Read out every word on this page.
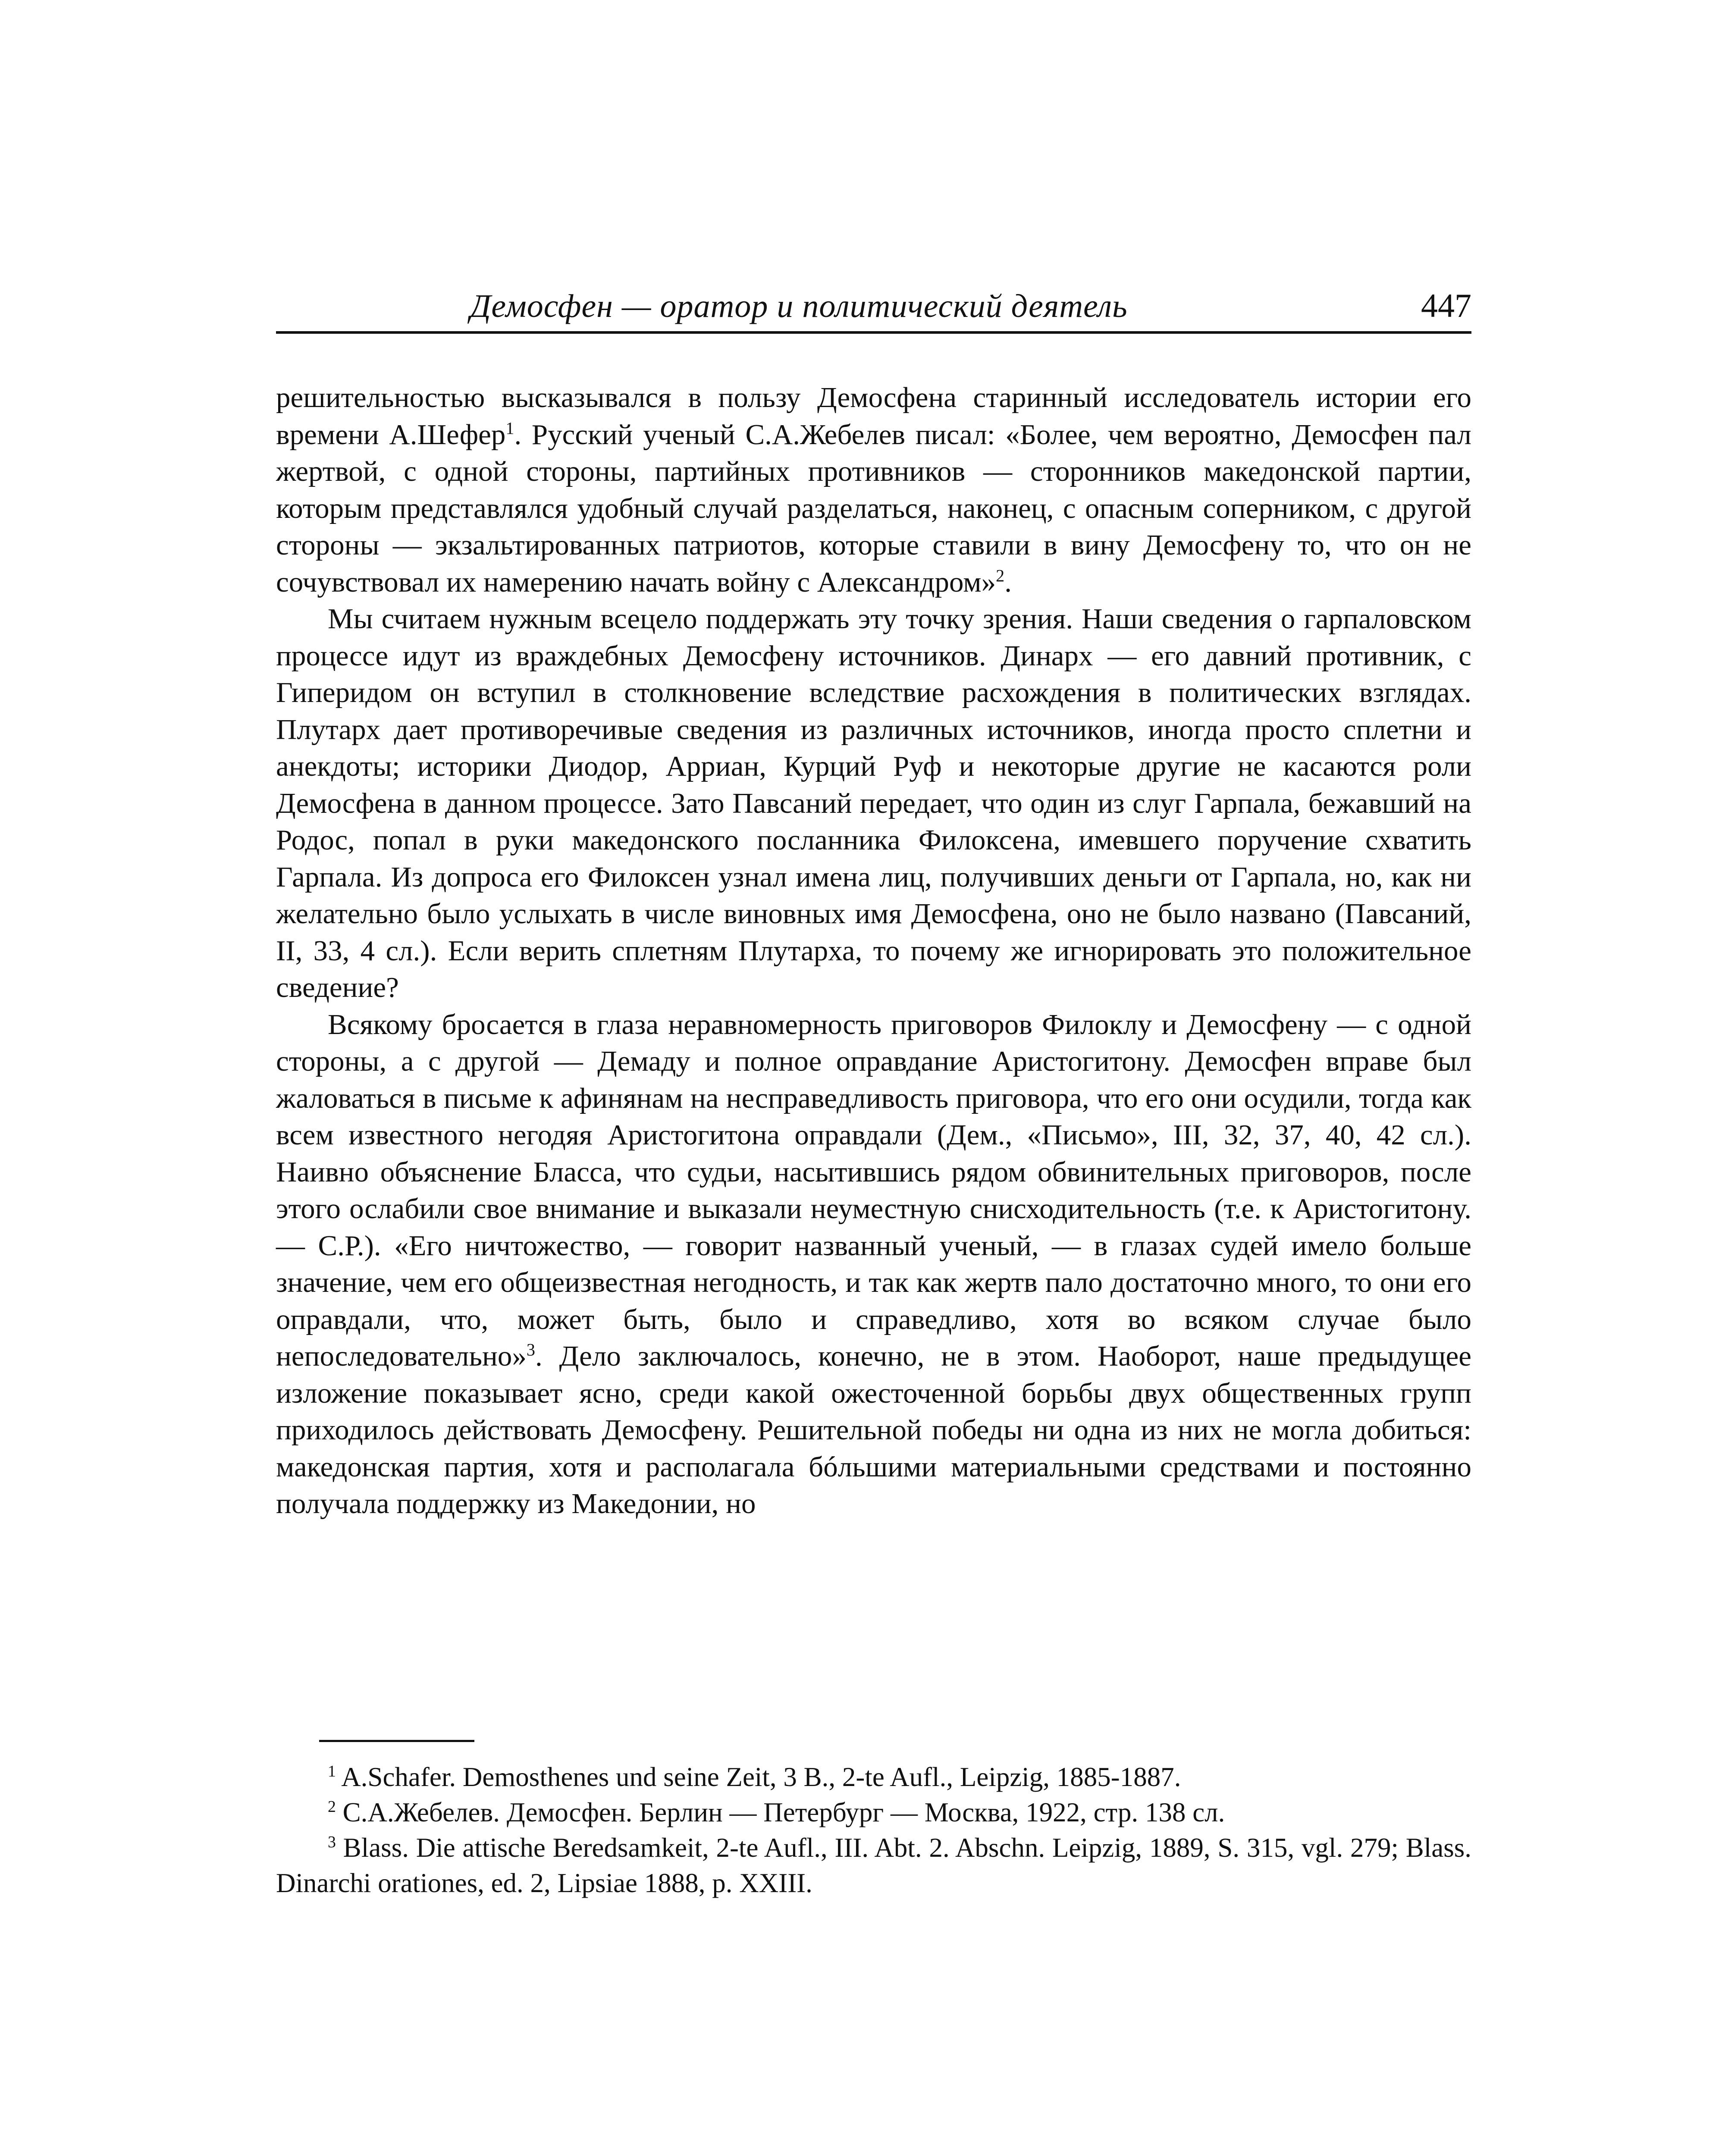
Демосфен — оратор и политический деятель	447

решительностью высказывался в пользу Демосфена старинный исследователь истории его времени А.Шефер$^1$. Русский ученый С.А.Жебелев писал: «Более, чем вероятно, Демосфен пал жертвой, с одной стороны, партийных противников — сторонников македонской партии, которым представлялся удобный случай разделаться, наконец, с опасным соперником, с другой стороны — экзальтированных патриотов, которые ставили в вину Демосфену то, что он не сочувствовал их намерению начать войну с Александром»$^2$.

Мы считаем нужным всецело поддержать эту точку зрения. Наши сведения о гарпаловском процессе идут из враждебных Демосфену источников. Динарх — его давний противник, с Гиперидом он вступил в столкновение вследствие расхождения в политических взглядах. Плутарх дает противоречивые сведения из различных источников, иногда просто сплетни и анекдоты; историки Диодор, Арриан, Курций Руф и некоторые другие не касаются роли Демосфена в данном процессе. Зато Павсаний передает, что один из слуг Гарпала, бежавший на Родос, попал в руки македонского посланника Филоксена, имевшего поручение схватить Гарпала. Из допроса его Филоксен узнал имена лиц, получивших деньги от Гарпала, но, как ни желательно было услыхать в числе виновных имя Демосфена, оно не было названо (Павсаний, II, 33, 4 сл.). Если верить сплетням Плутарха, то почему же игнорировать это положительное сведение?

Всякому бросается в глаза неравномерность приговоров Филоклу и Демосфену — с одной стороны, а с другой — Демаду и полное оправдание Аристогитону. Демосфен вправе был жаловаться в письме к афинянам на несправедливость приговора, что его они осудили, тогда как всем известного негодяя Аристогитона оправдали (Дем., «Письмо», III, 32, 37, 40, 42 сл.). Наивно объяснение Бласса, что судьи, насытившись рядом обвинительных приговоров, после этого ослабили свое внимание и выказали неуместную снисходительность (т.е. к Аристогитону. — С.Р.). «Его ничтожество, — говорит названный ученый, — в глазах судей имело больше значение, чем его общеизвестная негодность, и так как жертв пало достаточно много, то они его оправдали, что, может быть, было и справедливо, хотя во всяком случае было непоследовательно»$^3$. Дело заключалось, конечно, не в этом. Наоборот, наше предыдущее изложение показывает ясно, среди какой ожесточенной борьбы двух общественных групп приходилось действовать Демосфену. Решительной победы ни одна из них не могла добиться: македонская партия, хотя и располагала бóльшими материальными средствами и постоянно получала поддержку из Македонии, но

$^1$ A.Schafer. Demosthenes und seine Zeit, 3 B., 2-te Aufl., Leipzig, 1885-1887.

$^2$ С.А.Жебелев. Демосфен. Берлин — Петербург — Москва, 1922, стр. 138 сл.

$^3$ Blass. Die attische Beredsamkeit, 2-te Aufl., III. Abt. 2. Abschn. Leipzig, 1889, S. 315, vgl. 279; Blass. Dinarchi orationes, ed. 2, Lipsiae 1888, p. XXIII.
